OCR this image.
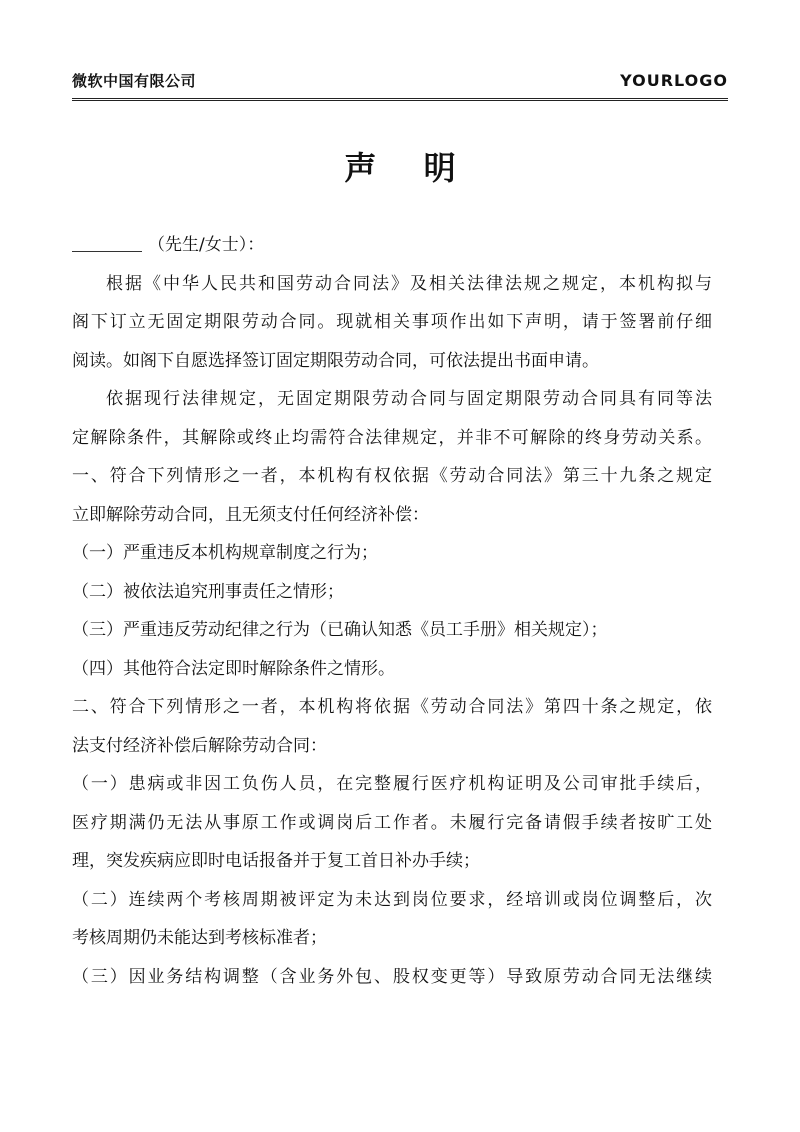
微软中国有限公司	YOURLOGO
声 明
（先生/女士）：
根据《中华人民共和国劳动合同法》及相关法律法规之规定，本机构拟与
阁下订立无固定期限劳动合同。现就相关事项作出如下声明，请于签署前仔细
阅读。如阁下自愿选择签订固定期限劳动合同，可依法提出书面申请。
依据现行法律规定，无固定期限劳动合同与固定期限劳动合同具有同等法
定解除条件，其解除或终止均需符合法律规定，并非不可解除的终身劳动关系。
一、符合下列情形之一者，本机构有权依据《劳动合同法》第三十九条之规定
立即解除劳动合同，且无须支付任何经济补偿：
（一）严重违反本机构规章制度之行为；
（二）被依法追究刑事责任之情形；
（三）严重违反劳动纪律之行为（已确认知悉《员工手册》相关规定）；
（四）其他符合法定即时解除条件之情形。
二、符合下列情形之一者，本机构将依据《劳动合同法》第四十条之规定，依
法支付经济补偿后解除劳动合同：
（一）患病或非因工负伤人员，在完整履行医疗机构证明及公司审批手续后，
医疗期满仍无法从事原工作或调岗后工作者。未履行完备请假手续者按旷工处
理，突发疾病应即时电话报备并于复工首日补办手续；
（二）连续两个考核周期被评定为未达到岗位要求，经培训或岗位调整后，次
考核周期仍未能达到考核标准者；
（三）因业务结构调整（含业务外包、股权变更等）导致原劳动合同无法继续
